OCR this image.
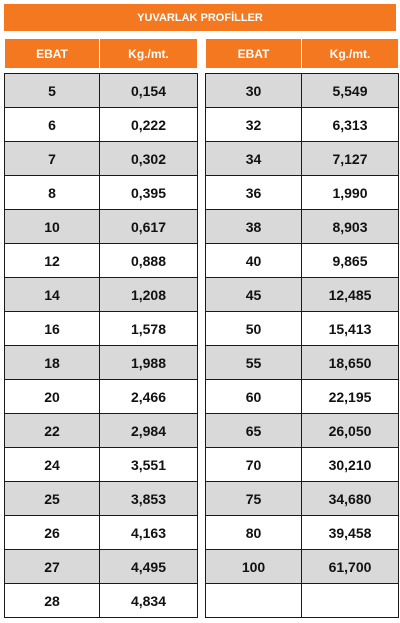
YUVARLAK PROFİLLER
EBAT	Kg./mt.

5	0,154
6	0,222
7	0,302
8	0,395
10	0,617
12	0,888
14	1,208
16	1,578
18	1,988
20	2,466
22	2,984
24	3,551
25	3,853
26	4,163
27	4,495
28	4,834
EBAT	Kg./mt.

30	5,549
32	6,313
34	7,127
36	1,990
38	8,903
40	9,865
45	12,485
50	15,413
55	18,650
60	22,195
65	26,050
70	30,210
75	34,680
80	39,458
100	61,700
